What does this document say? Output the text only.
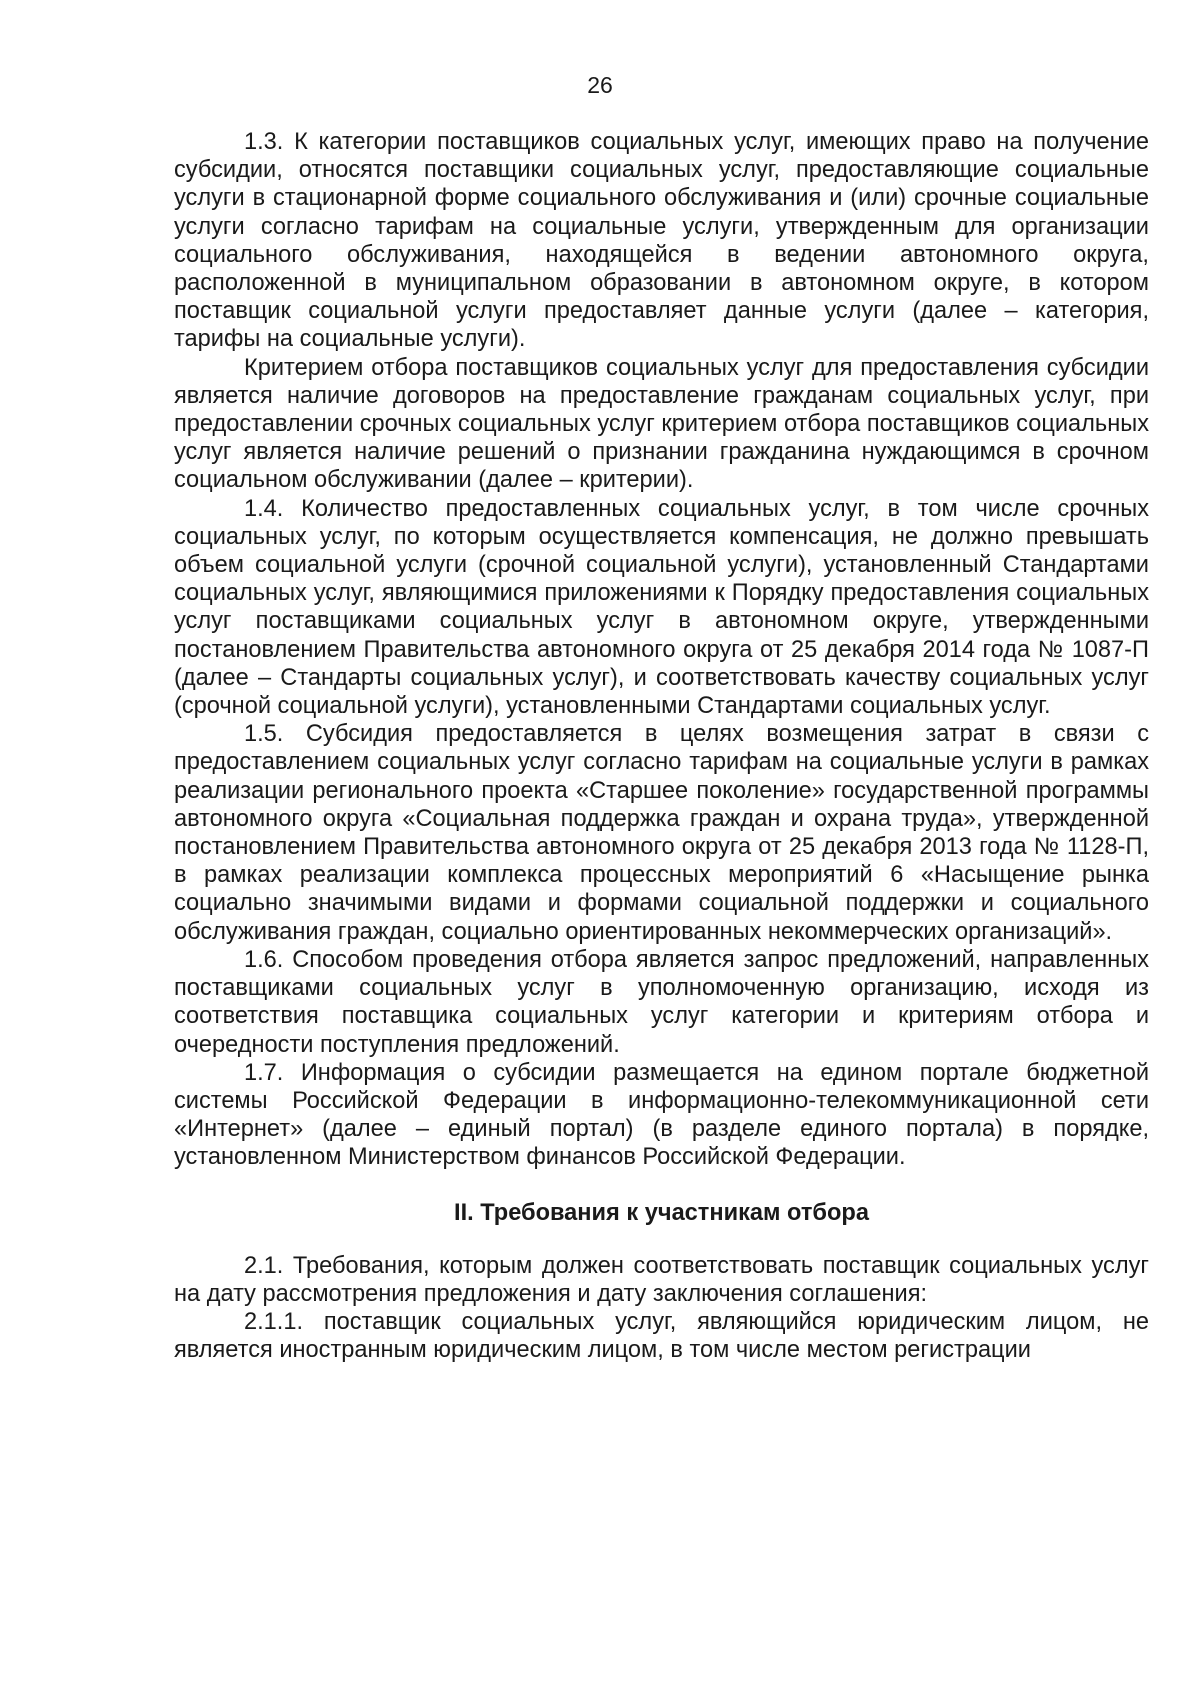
26

1.3. К категории поставщиков социальных услуг, имеющих право на получение субсидии, относятся поставщики социальных услуг, предоставляющие социальные услуги в стационарной форме социального обслуживания и (или) срочные социальные услуги согласно тарифам на социальные услуги, утвержденным для организации социального обслуживания, находящейся в ведении автономного округа, расположенной в муниципальном образовании в автономном округе, в котором поставщик социальной услуги предоставляет данные услуги (далее – категория, тарифы на социальные услуги).

Критерием отбора поставщиков социальных услуг для предоставления субсидии является наличие договоров на предоставление гражданам социальных услуг, при предоставлении срочных социальных услуг критерием отбора поставщиков социальных услуг является наличие решений о признании гражданина нуждающимся в срочном социальном обслуживании (далее – критерии).

1.4. Количество предоставленных социальных услуг, в том числе срочных социальных услуг, по которым осуществляется компенсация, не должно превышать объем социальной услуги (срочной социальной услуги), установленный Стандартами социальных услуг, являющимися приложениями к Порядку предоставления социальных услуг поставщиками социальных услуг в автономном округе, утвержденными постановлением Правительства автономного округа от 25 декабря 2014 года № 1087-П (далее – Стандарты социальных услуг), и соответствовать качеству социальных услуг (срочной социальной услуги), установленными Стандартами социальных услуг.

1.5. Субсидия предоставляется в целях возмещения затрат в связи с предоставлением социальных услуг согласно тарифам на социальные услуги в рамках реализации регионального проекта «Старшее поколение» государственной программы автономного округа «Социальная поддержка граждан и охрана труда», утвержденной постановлением Правительства автономного округа от 25 декабря 2013 года № 1128-П, в рамках реализации комплекса процессных мероприятий 6 «Насыщение рынка социально значимыми видами и формами социальной поддержки и социального обслуживания граждан, социально ориентированных некоммерческих организаций».

1.6. Способом проведения отбора является запрос предложений, направленных поставщиками социальных услуг в уполномоченную организацию, исходя из соответствия поставщика социальных услуг категории и критериям отбора и очередности поступления предложений.

1.7. Информация о субсидии размещается на едином портале бюджетной системы Российской Федерации в информационно-телекоммуникационной сети «Интернет» (далее – единый портал) (в разделе единого портала) в порядке, установленном Министерством финансов Российской Федерации.

II. Требования к участникам отбора

2.1. Требования, которым должен соответствовать поставщик социальных услуг на дату рассмотрения предложения и дату заключения соглашения:

2.1.1. поставщик социальных услуг, являющийся юридическим лицом, не является иностранным юридическим лицом, в том числе местом регистрации
